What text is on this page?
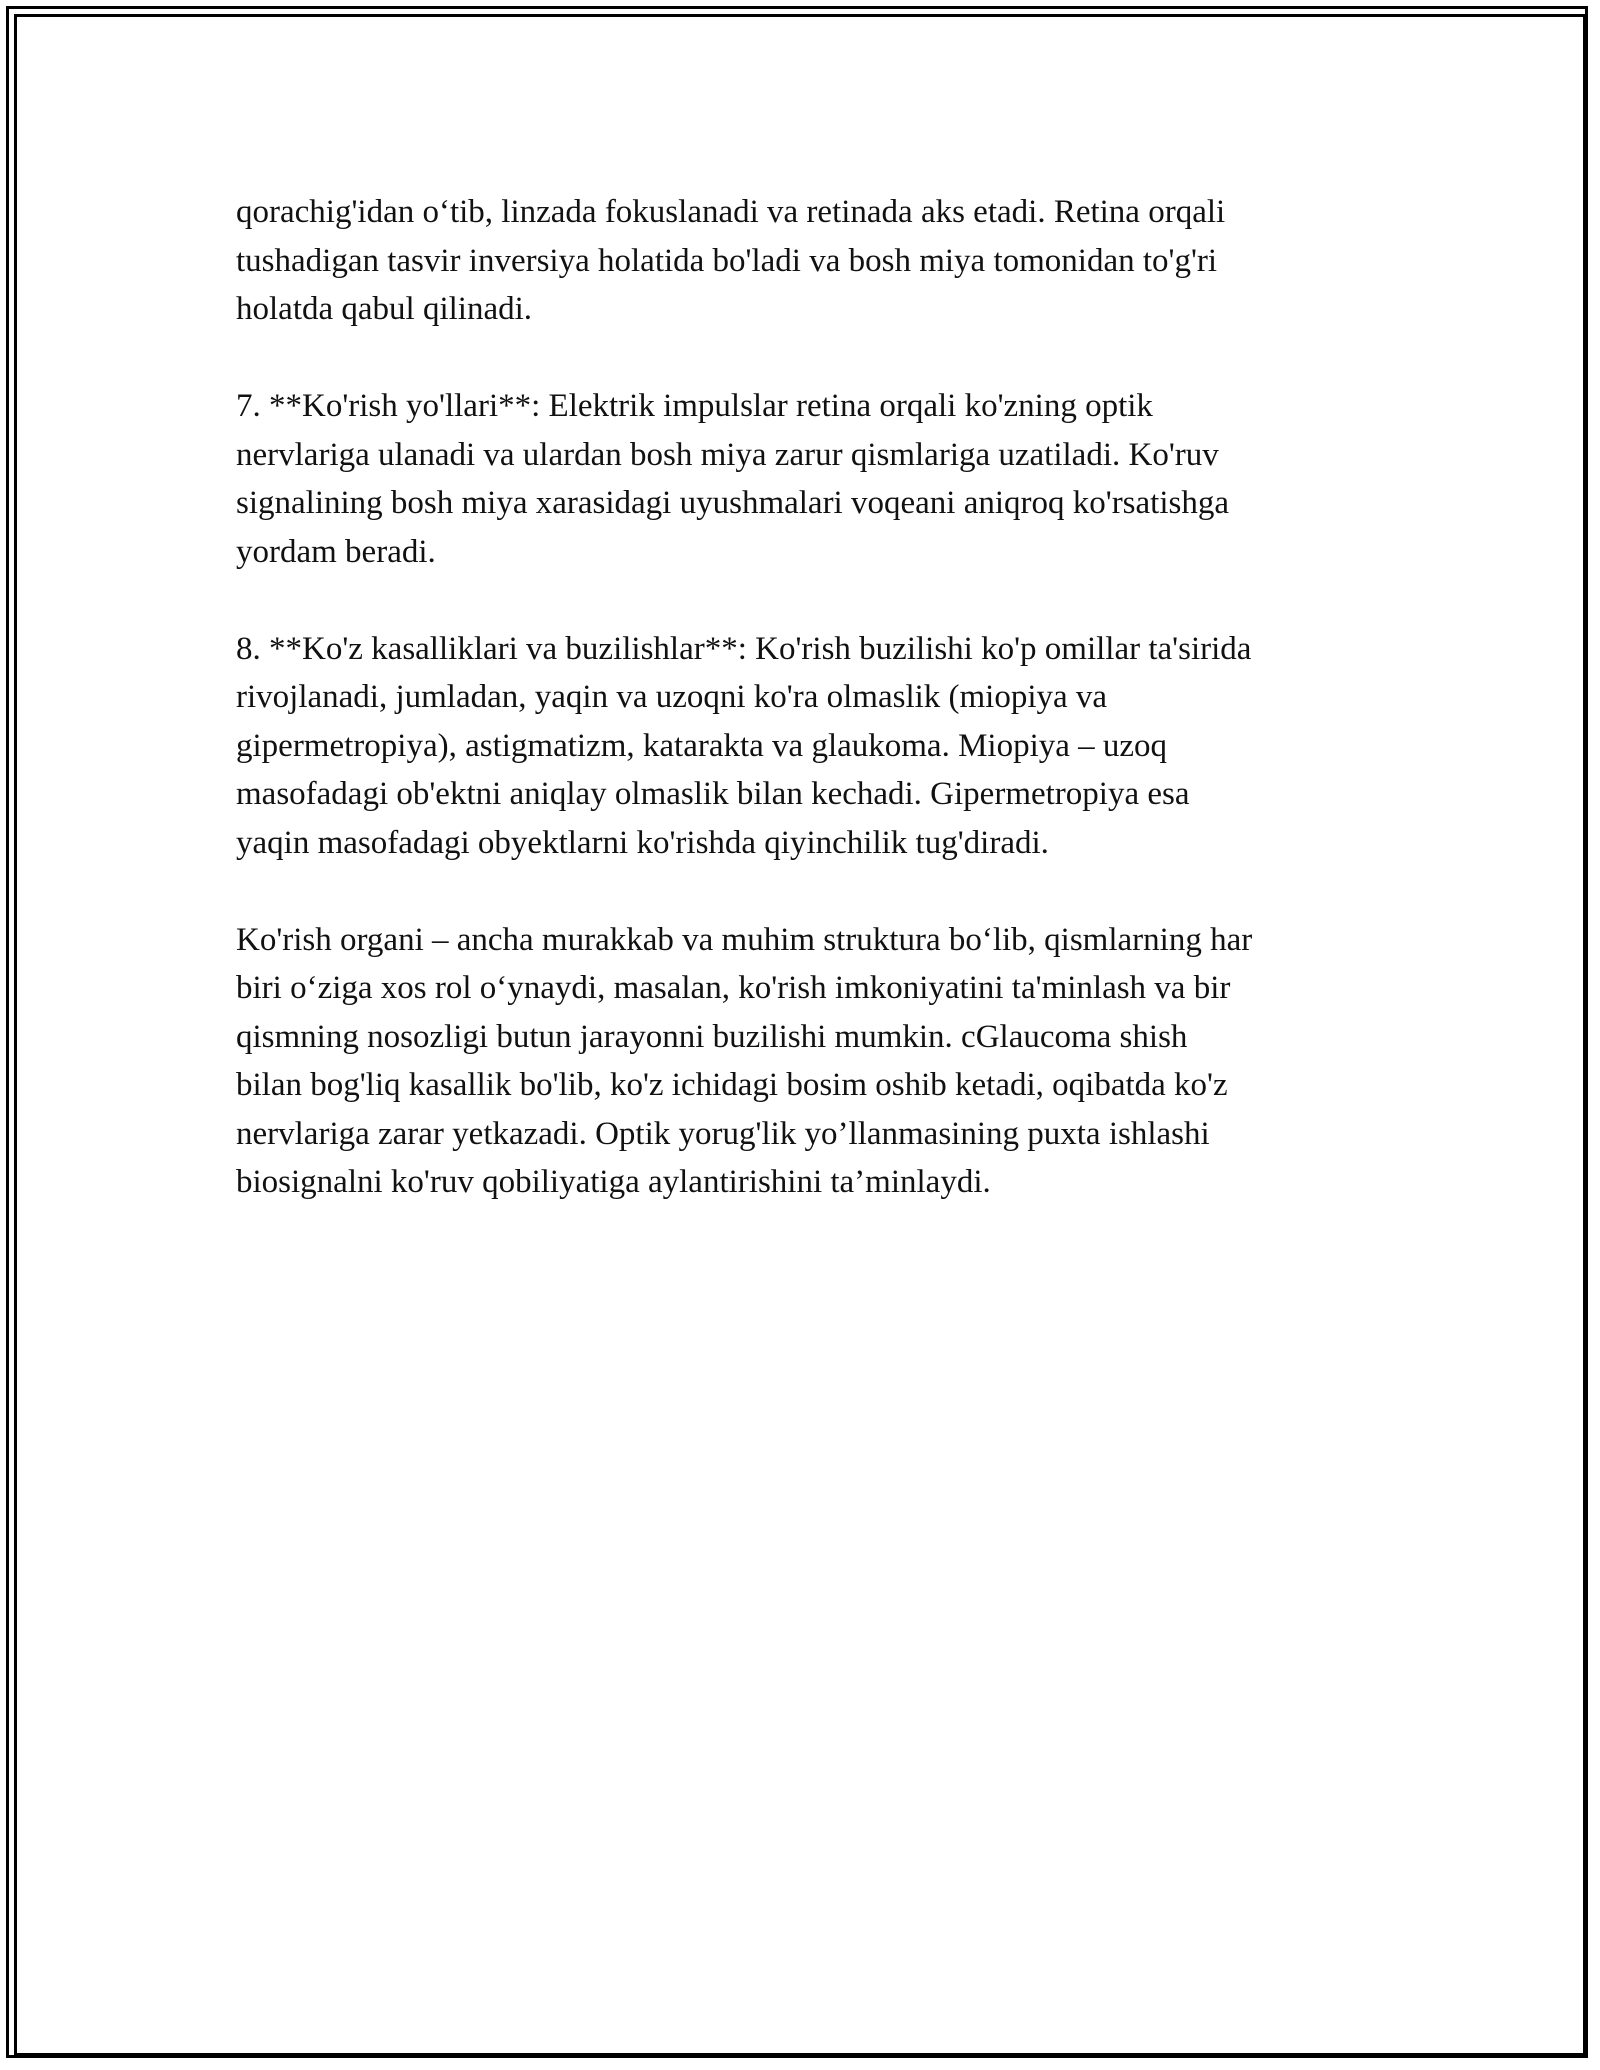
qorachig'idan o‘tib, linzada fokuslanadi va retinada aks etadi. Retina orqali
tushadigan tasvir inversiya holatida bo'ladi va bosh miya tomonidan to'g'ri
holatda qabul qilinadi.

7. **Ko'rish yo'llari**: Elektrik impulslar retina orqali ko'zning optik
nervlariga ulanadi va ulardan bosh miya zarur qismlariga uzatiladi. Ko'ruv
signalining bosh miya xarasidagi uyushmalari voqeani aniqroq ko'rsatishga
yordam beradi.

8. **Ko'z kasalliklari va buzilishlar**: Ko'rish buzilishi ko'p omillar ta'sirida
rivojlanadi, jumladan, yaqin va uzoqni ko'ra olmaslik (miopiya va
gipermetropiya), astigmatizm, katarakta va glaukoma. Miopiya – uzoq
masofadagi ob'ektni aniqlay olmaslik bilan kechadi. Gipermetropiya esa
yaqin masofadagi obyektlarni ko'rishda qiyinchilik tug'diradi.

Ko'rish organi – ancha murakkab va muhim struktura bo‘lib, qismlarning har
biri o‘ziga xos rol o‘ynaydi, masalan, ko'rish imkoniyatini ta'minlash va bir
qismning nosozligi butun jarayonni buzilishi mumkin. cGlaucoma shish
bilan bog'liq kasallik bo'lib, ko'z ichidagi bosim oshib ketadi, oqibatda ko'z
nervlariga zarar yetkazadi. Optik yorug'lik yo’llanmasining puxta ishlashi
biosignalni ko'ruv qobiliyatiga aylantirishini ta’minlaydi.
